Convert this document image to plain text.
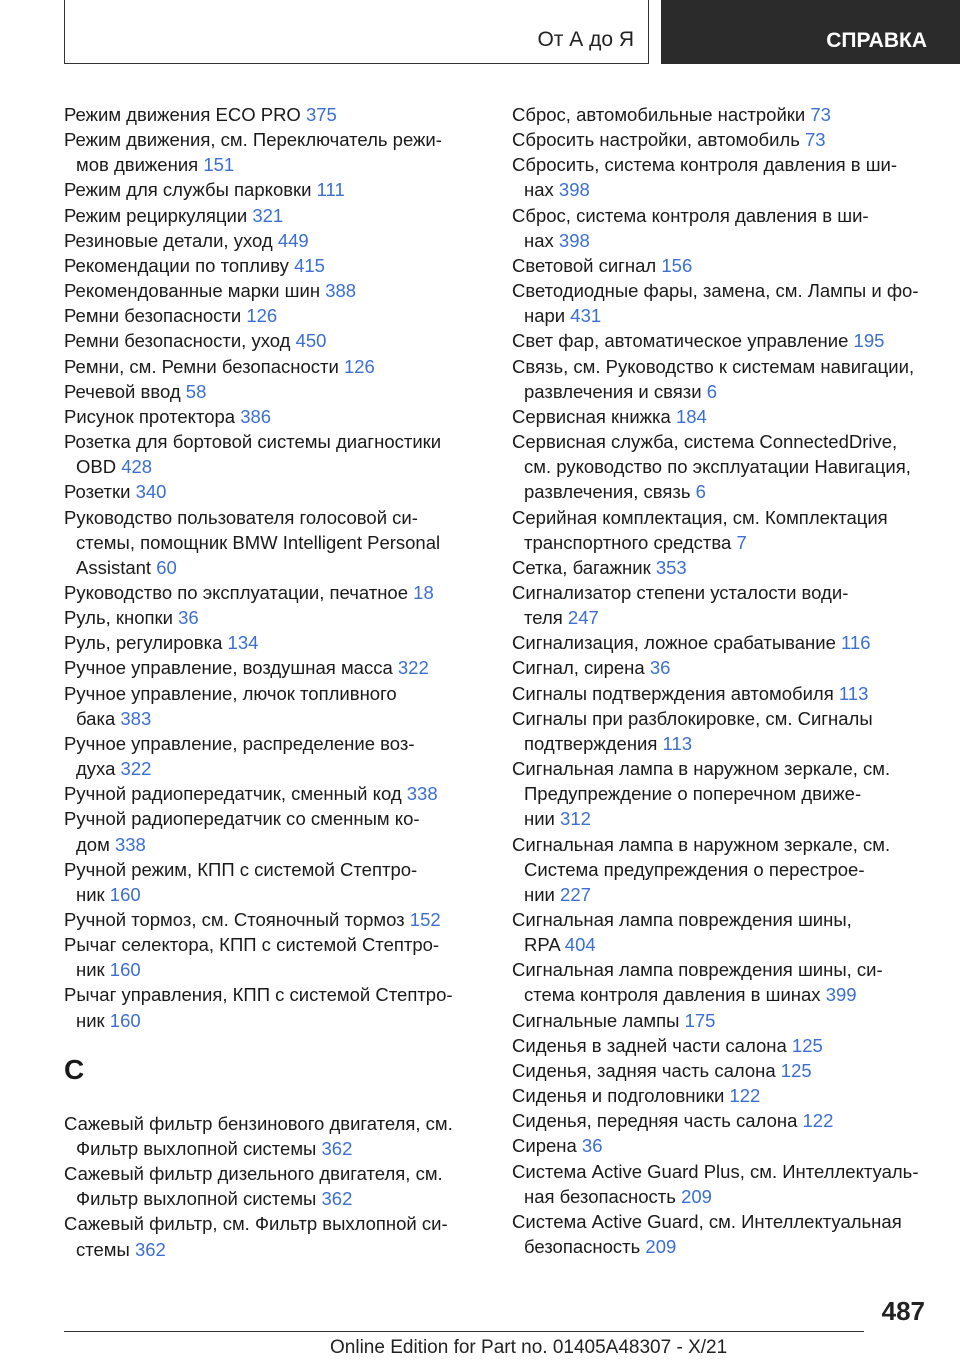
От А до Я	СПРАВКА
Режим движения ECO PRO 375
Режим движения, см. Переключатель режи-
мов движения 151
Режим для службы парковки 111
Режим рециркуляции 321
Резиновые детали, уход 449
Рекомендации по топливу 415
Рекомендованные марки шин 388
Ремни безопасности 126
Ремни безопасности, уход 450
Ремни, см. Ремни безопасности 126
Речевой ввод 58
Рисунок протектора 386
Розетка для бортовой системы диагностики
OBD 428
Розетки 340
Руководство пользователя голосовой си-
стемы, помощник BMW Intelligent Personal
Assistant 60
Руководство по эксплуатации, печатное 18
Руль, кнопки 36
Руль, регулировка 134
Ручное управление, воздушная масса 322
Ручное управление, лючок топливного
бака 383
Ручное управление, распределение воз-
духа 322
Ручной радиопередатчик, сменный код 338
Ручной радиопередатчик со сменным ко-
дом 338
Ручной режим, КПП с системой Стептро-
ник 160
Ручной тормоз, см. Стояночный тормоз 152
Рычаг селектора, КПП с системой Стептро-
ник 160
Рычаг управления, КПП с системой Стептро-
ник 160
С
Сажевый фильтр бензинового двигателя, см.
Фильтр выхлопной системы 362
Сажевый фильтр дизельного двигателя, см.
Фильтр выхлопной системы 362
Сажевый фильтр, см. Фильтр выхлопной си-
стемы 362
Сброс, автомобильные настройки 73
Сбросить настройки, автомобиль 73
Сбросить, система контроля давления в ши-
нах 398
Сброс, система контроля давления в ши-
нах 398
Световой сигнал 156
Светодиодные фары, замена, см. Лампы и фо-
нари 431
Свет фар, автоматическое управление 195
Связь, см. Руководство к системам навигации,
развлечения и связи 6
Сервисная книжка 184
Сервисная служба, система ConnectedDrive,
см. руководство по эксплуатации Навигация,
развлечения, связь 6
Серийная комплектация, см. Комплектация
транспортного средства 7
Сетка, багажник 353
Сигнализатор степени усталости води-
теля 247
Сигнализация, ложное срабатывание 116
Сигнал, сирена 36
Сигналы подтверждения автомобиля 113
Сигналы при разблокировке, см. Сигналы
подтверждения 113
Сигнальная лампа в наружном зеркале, см.
Предупреждение о поперечном движе-
нии 312
Сигнальная лампа в наружном зеркале, см.
Система предупреждения о перестрое-
нии 227
Сигнальная лампа повреждения шины,
RPA 404
Сигнальная лампа повреждения шины, си-
стема контроля давления в шинах 399
Сигнальные лампы 175
Сиденья в задней части салона 125
Сиденья, задняя часть салона 125
Сиденья и подголовники 122
Сиденья, передняя часть салона 122
Сирена 36
Система Active Guard Plus, см. Интеллектуаль-
ная безопасность 209
Система Active Guard, см. Интеллектуальная
безопасность 209
487
Online Edition for Part no. 01405A48307 - X/21
